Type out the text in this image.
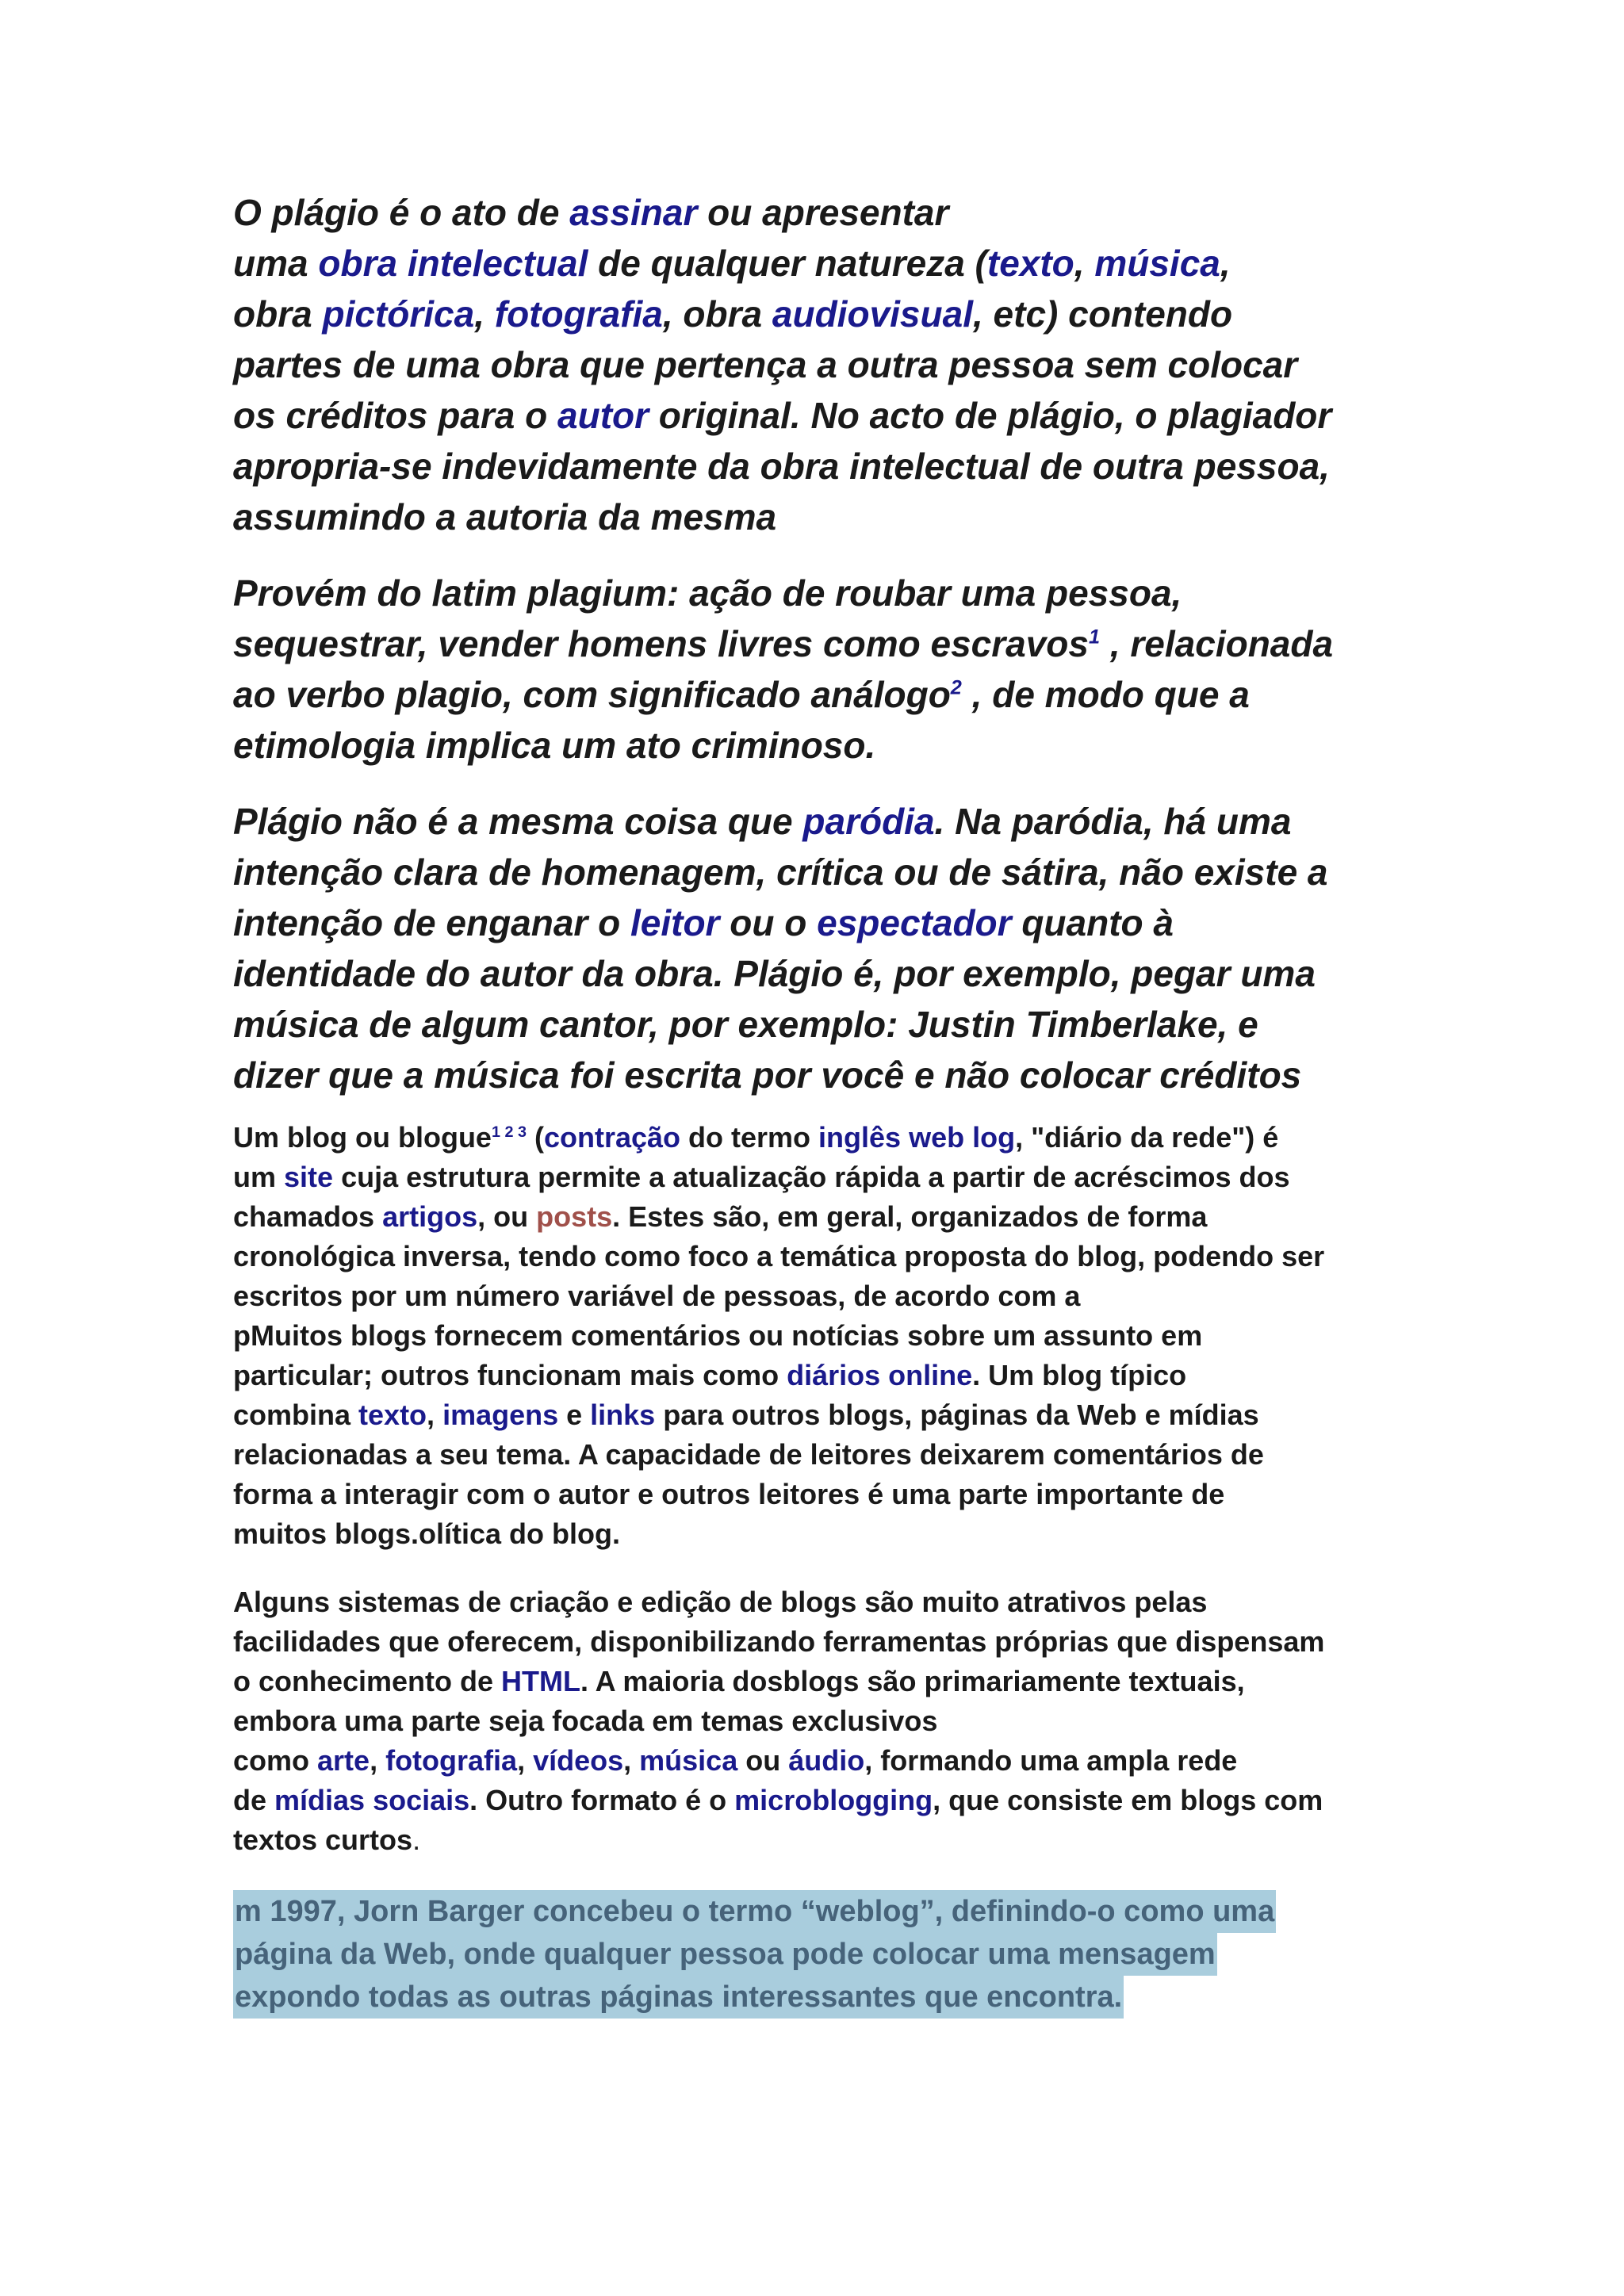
O plágio é o ato de assinar ou apresentar
uma obra intelectual de qualquer natureza (texto, música,
obra pictórica, fotografia, obra audiovisual, etc) contendo
partes de uma obra que pertença a outra pessoa sem colocar
os créditos para o autor original. No acto de plágio, o plagiador
apropria-se indevidamente da obra intelectual de outra pessoa,
assumindo a autoria da mesma
Provém do latim plagium: ação de roubar uma pessoa,
sequestrar, vender homens livres como escravos$^1$ , relacionada
ao verbo plagio, com significado análogo$^2$ , de modo que a
etimologia implica um ato criminoso.
Plágio não é a mesma coisa que paródia. Na paródia, há uma
intenção clara de homenagem, crítica ou de sátira, não existe a
intenção de enganar o leitor ou o espectador quanto à
identidade do autor da obra. Plágio é, por exemplo, pegar uma
música de algum cantor, por exemplo: Justin Timberlake, e
dizer que a música foi escrita por você e não colocar créditos
Um blog ou blogue$^{1 2 3}$ (contração do termo inglês web log, "diário da rede") é
um site cuja estrutura permite a atualização rápida a partir de acréscimos dos
chamados artigos, ou posts. Estes são, em geral, organizados de forma
cronológica inversa, tendo como foco a temática proposta do blog, podendo ser
escritos por um número variável de pessoas, de acordo com a
pMuitos blogs fornecem comentários ou notícias sobre um assunto em
particular; outros funcionam mais como diários online. Um blog típico
combina texto, imagens e links para outros blogs, páginas da Web e mídias
relacionadas a seu tema. A capacidade de leitores deixarem comentários de
forma a interagir com o autor e outros leitores é uma parte importante de
muitos blogs.olítica do blog.
Alguns sistemas de criação e edição de blogs são muito atrativos pelas
facilidades que oferecem, disponibilizando ferramentas próprias que dispensam
o conhecimento de HTML. A maioria dosblogs são primariamente textuais,
embora uma parte seja focada em temas exclusivos
como arte, fotografia, vídeos, música ou áudio, formando uma ampla rede
de mídias sociais. Outro formato é o microblogging, que consiste em blogs com
textos curtos.
m 1997, Jorn Barger concebeu o termo “weblog”, definindo-o como uma
página da Web, onde qualquer pessoa pode colocar uma mensagem
expondo todas as outras páginas interessantes que encontra.
